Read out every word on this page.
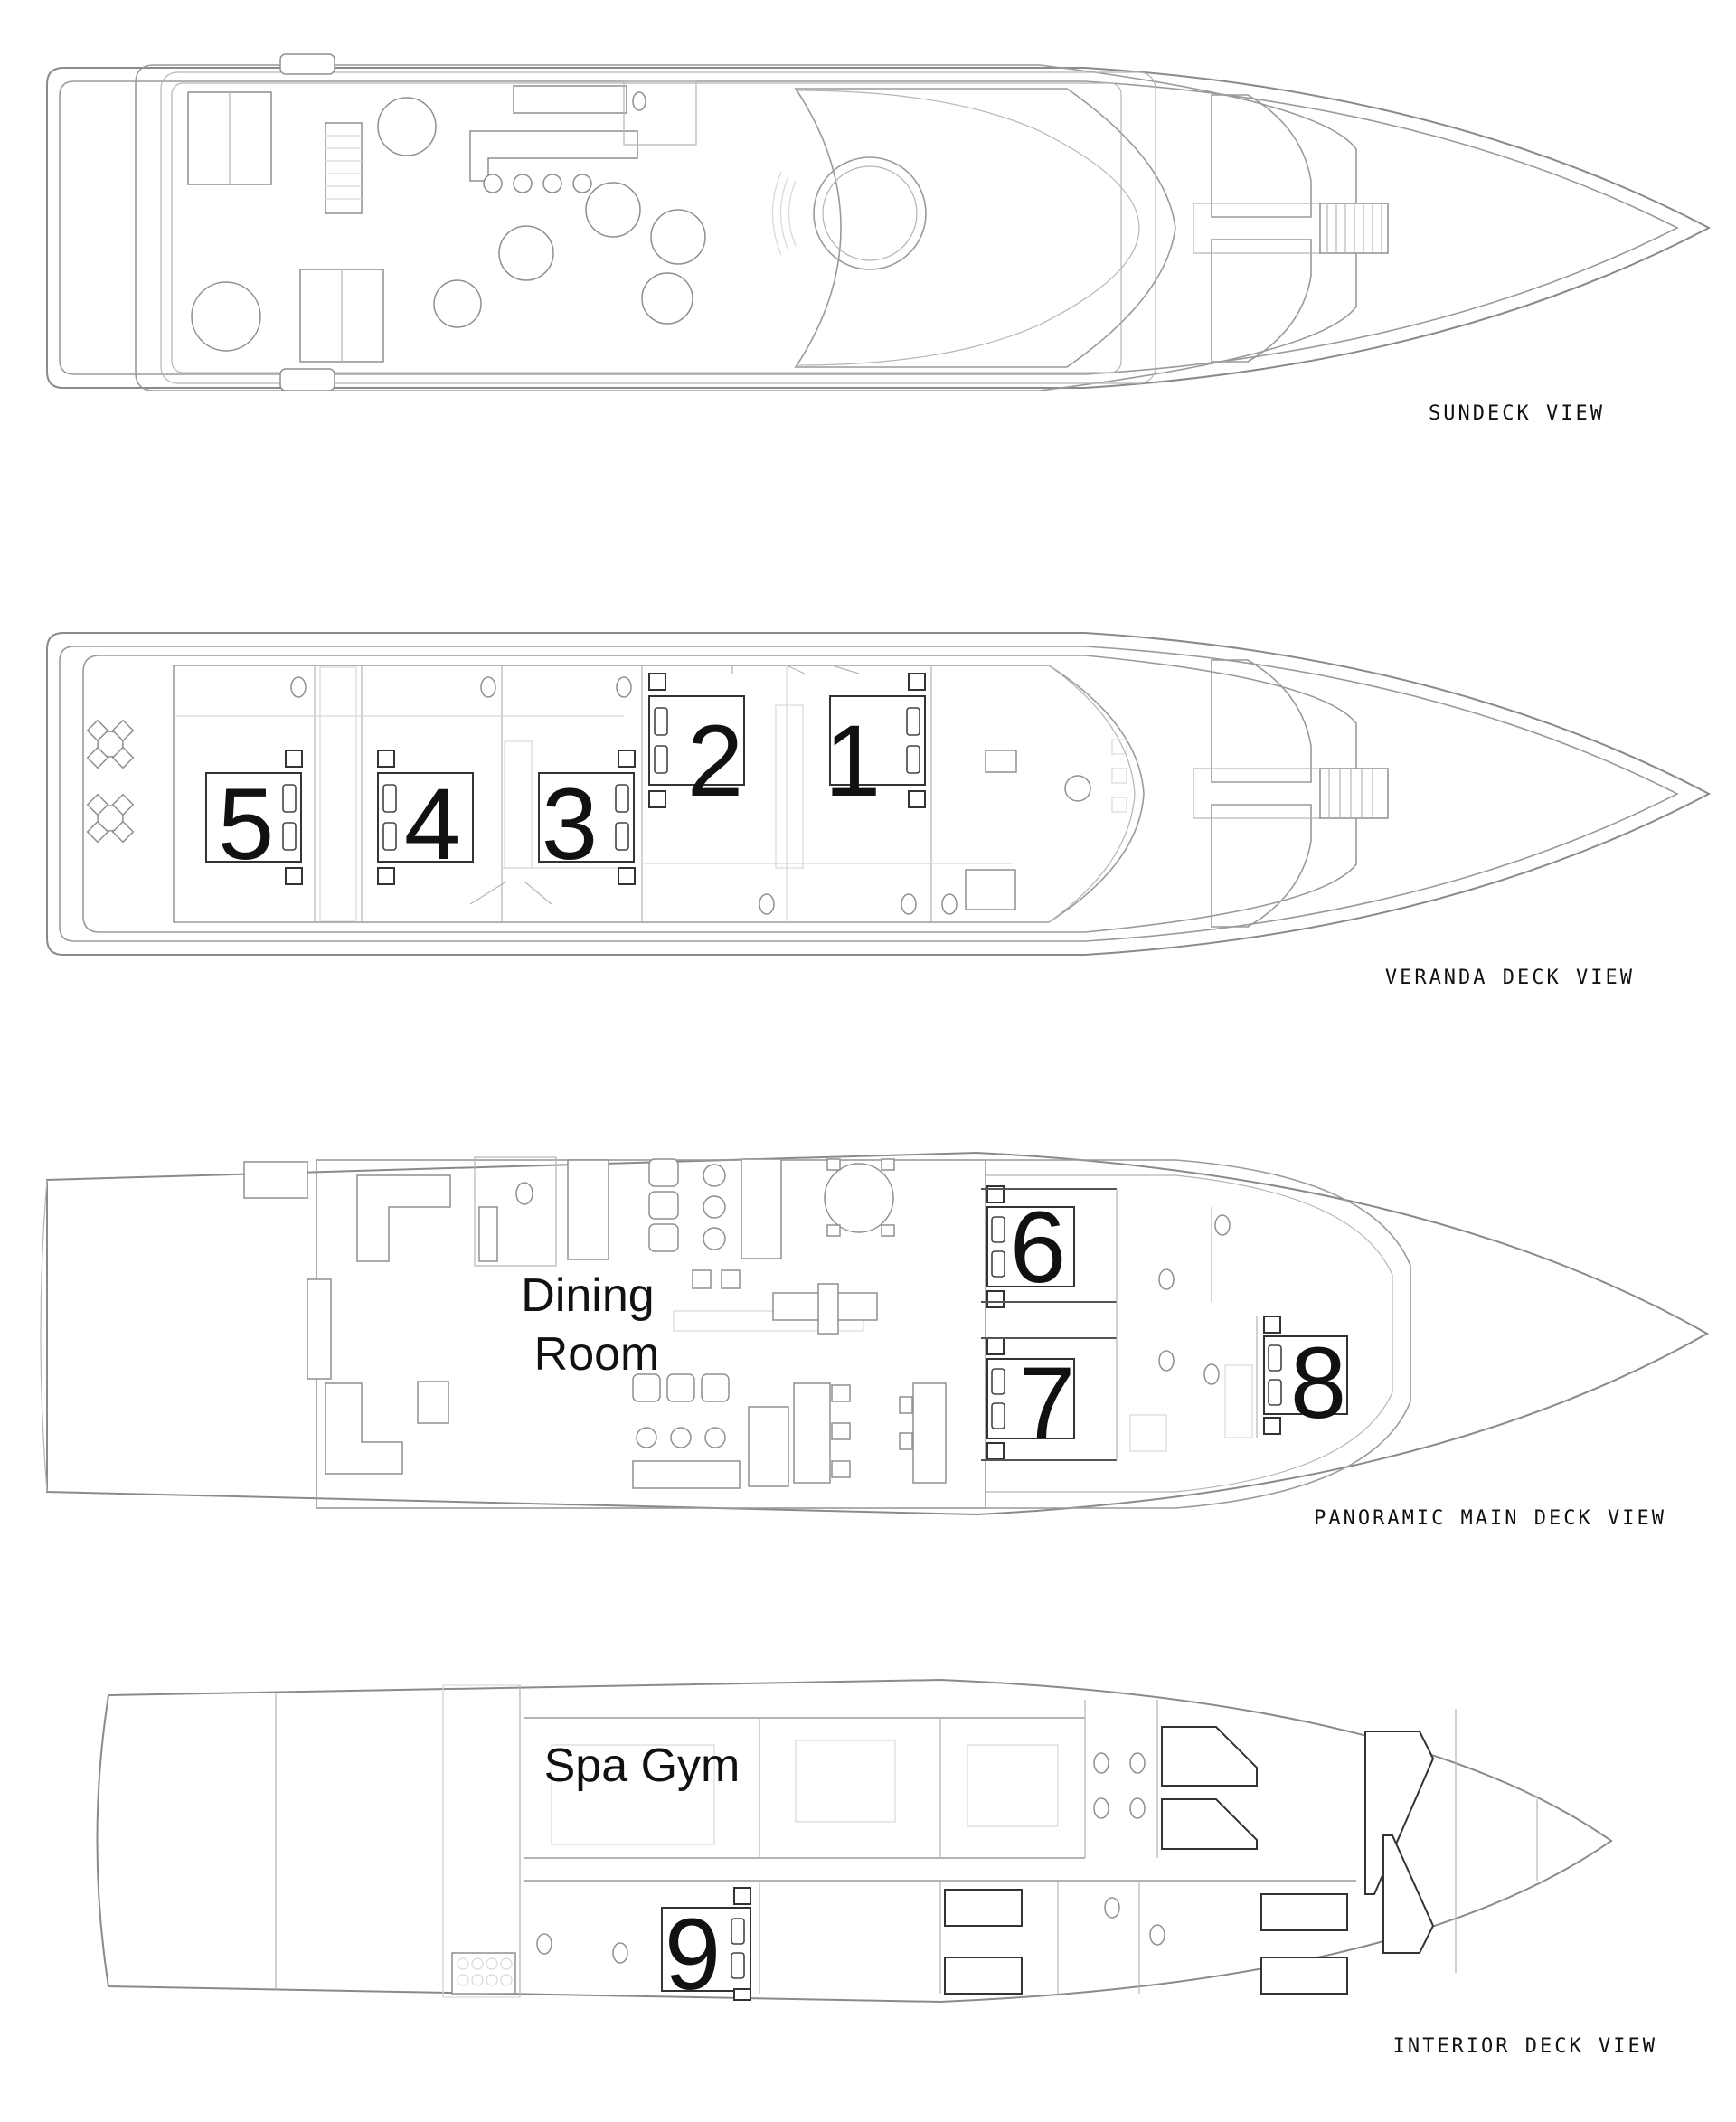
1
2
3
4
5
6
7 8
9
Dining
Room
Spa Gym
SUNDECK VIEW
VERANDA DECK VIEW
PANORAMIC MAIN DECK VIEW
INTERIOR DECK VIEW
